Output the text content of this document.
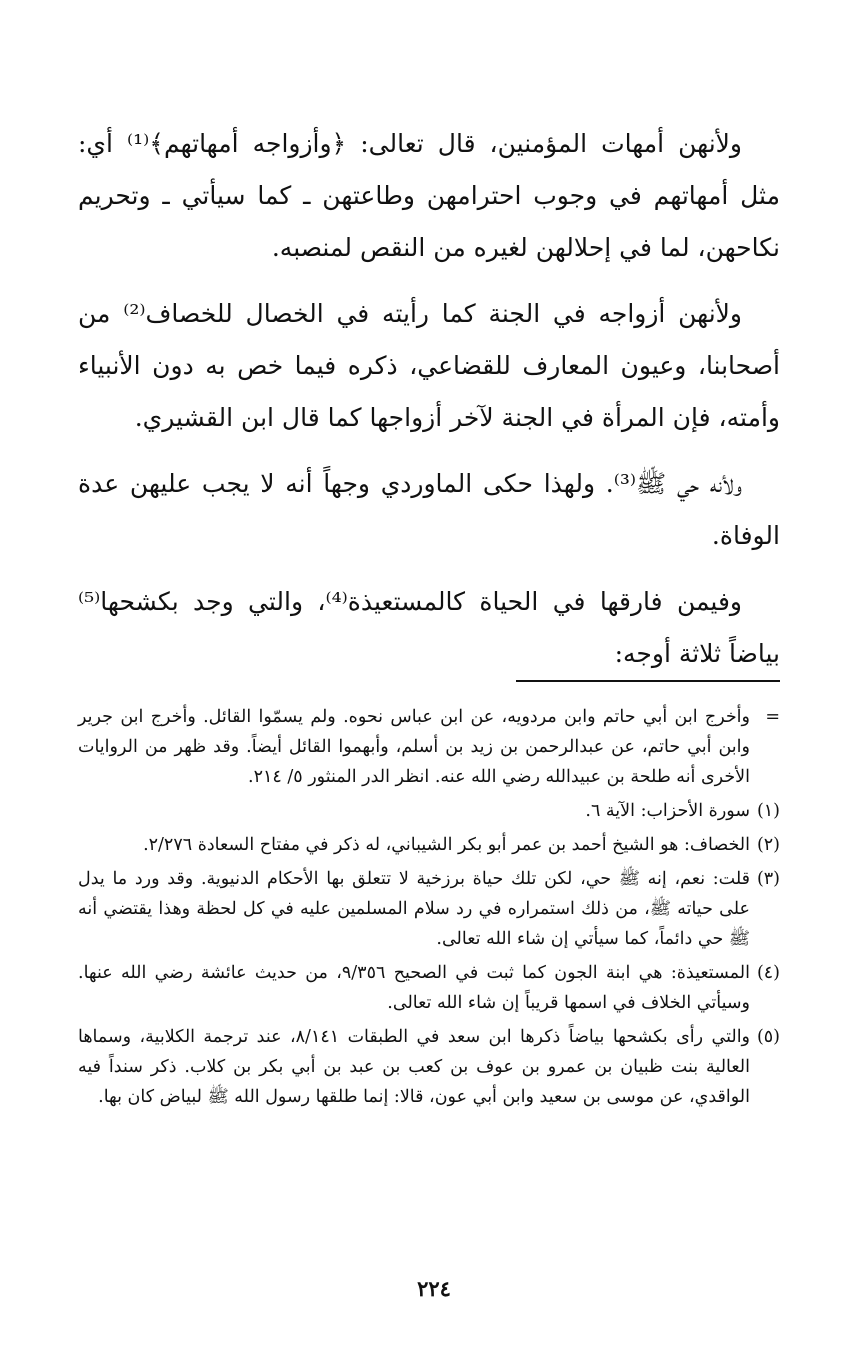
ولأنهن أمهات المؤمنين، قال تعالى: ﴿وأزواجه أمهاتهم﴾⁽¹⁾ أي: مثل أمهاتهم في وجوب احترامهن وطاعتهن ـ كما سيأتي ـ وتحريم نكاحهن، لما في إحلالهن لغيره من النقص لمنصبه.

ولأنهن أزواجه في الجنة كما رأيته في الخصال للخصاف⁽²⁾ من أصحابنا، وعيون المعارف للقضاعي، ذكره فيما خص به دون الأنبياء وأمته، فإن المرأة في الجنة لآخر أزواجها كما قال ابن القشيري.

ولأنه حي ﷺ⁽³⁾. ولهذا حكى الماوردي وجهاً أنه لا يجب عليهن عدة الوفاة.

وفيمن فارقها في الحياة كالمستعيذة⁽⁴⁾، والتي وجد بكشحها⁽⁵⁾ بياضاً ثلاثة أوجه:

=
وأخرج ابن أبي حاتم وابن مردويه، عن ابن عباس نحوه. ولم يسمّوا القائل. وأخرج ابن جرير وابن أبي حاتم، عن عبدالرحمن بن زيد بن أسلم، وأبهموا القائل أيضاً. وقد ظهر من الروايات الأخرى أنه طلحة بن عبيدالله رضي الله عنه. انظر الدر المنثور ٥/ ٢١٤.
(١)
سورة الأحزاب: الآية ٦.
(٢)
الخصاف: هو الشيخ أحمد بن عمر أبو بكر الشيباني، له ذكر في مفتاح السعادة ٢/٢٧٦.
(٣)
قلت: نعم، إنه ﷺ حي، لكن تلك حياة برزخية لا تتعلق بها الأحكام الدنيوية. وقد ورد ما يدل على حياته ﷺ، من ذلك استمراره في رد سلام المسلمين عليه في كل لحظة وهذا يقتضي أنه ﷺ حي دائماً، كما سيأتي إن شاء الله تعالى.
(٤)
المستعيذة: هي ابنة الجون كما ثبت في الصحيح ٩/٣٥٦، من حديث عائشة رضي الله عنها. وسيأتي الخلاف في اسمها قريباً إن شاء الله تعالى.
(٥)
والتي رأى بكشحها بياضاً ذكرها ابن سعد في الطبقات ٨/١٤١، عند ترجمة الكلابية، وسماها العالية بنت ظبيان بن عمرو بن عوف بن كعب بن عبد بن أبي بكر بن كلاب. ذكر سنداً فيه الواقدي، عن موسى بن سعيد وابن أبي عون، قالا: إنما طلقها رسول الله ﷺ لبياض كان بها.
٢٢٤
